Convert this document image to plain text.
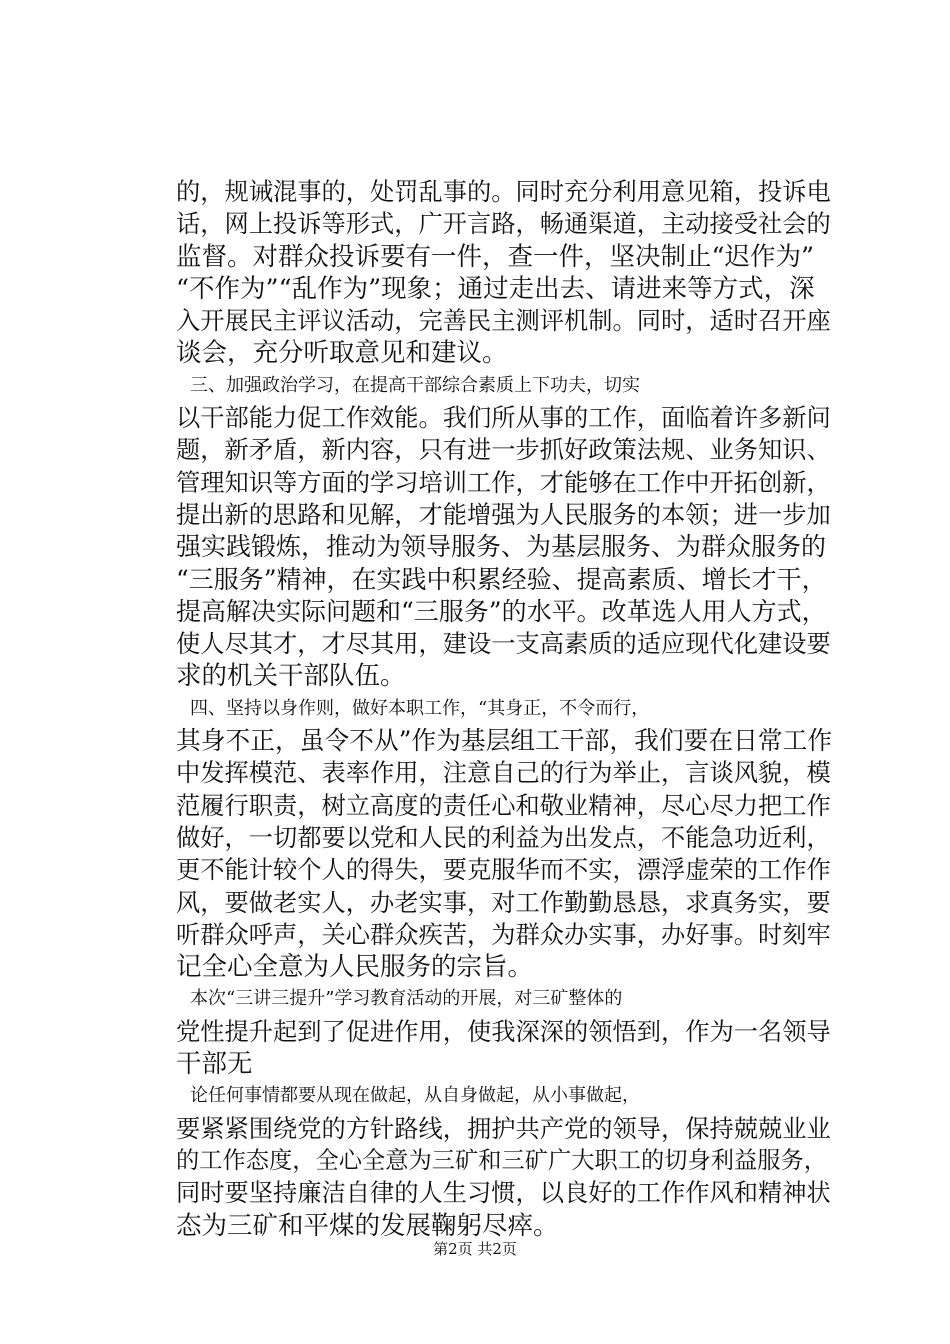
的，规诫混事的，处罚乱事的。同时充分利用意见箱，投诉电
话，网上投诉等形式，广开言路，畅通渠道，主动接受社会的
监督。对群众投诉要有一件，查一件，坚决制止“迟作为”
“不作为”“乱作为”现象；通过走出去、请进来等方式，深
入开展民主评议活动，完善民主测评机制。同时，适时召开座
谈会，充分听取意见和建议。
三、加强政治学习，在提高干部综合素质上下功夫，切实
以干部能力促工作效能。我们所从事的工作，面临着许多新问
题，新矛盾，新内容，只有进一步抓好政策法规、业务知识、
管理知识等方面的学习培训工作，才能够在工作中开拓创新，
提出新的思路和见解，才能增强为人民服务的本领；进一步加
强实践锻炼，推动为领导服务、为基层服务、为群众服务的
“三服务”精神，在实践中积累经验、提高素质、增长才干，
提高解决实际问题和“三服务”的水平。改革选人用人方式，
使人尽其才，才尽其用，建设一支高素质的适应现代化建设要
求的机关干部队伍。
四、坚持以身作则，做好本职工作，“其身正，不令而行，
其身不正，虽令不从”作为基层组工干部，我们要在日常工作
中发挥模范、表率作用，注意自己的行为举止，言谈风貌，模
范履行职责，树立高度的责任心和敬业精神，尽心尽力把工作
做好，一切都要以党和人民的利益为出发点，不能急功近利，
更不能计较个人的得失，要克服华而不实，漂浮虚荣的工作作
风，要做老实人，办老实事，对工作勤勤恳恳，求真务实，要
听群众呼声，关心群众疾苦，为群众办实事，办好事。时刻牢
记全心全意为人民服务的宗旨。
本次“三讲三提升”学习教育活动的开展，对三矿整体的
党性提升起到了促进作用，使我深深的领悟到，作为一名领导
干部无
论任何事情都要从现在做起，从自身做起，从小事做起，
要紧紧围绕党的方针路线，拥护共产党的领导，保持兢兢业业
的工作态度，全心全意为三矿和三矿广大职工的切身利益服务，
同时要坚持廉洁自律的人生习惯，以良好的工作作风和精神状
态为三矿和平煤的发展鞠躬尽瘁。
第2页 共2页
